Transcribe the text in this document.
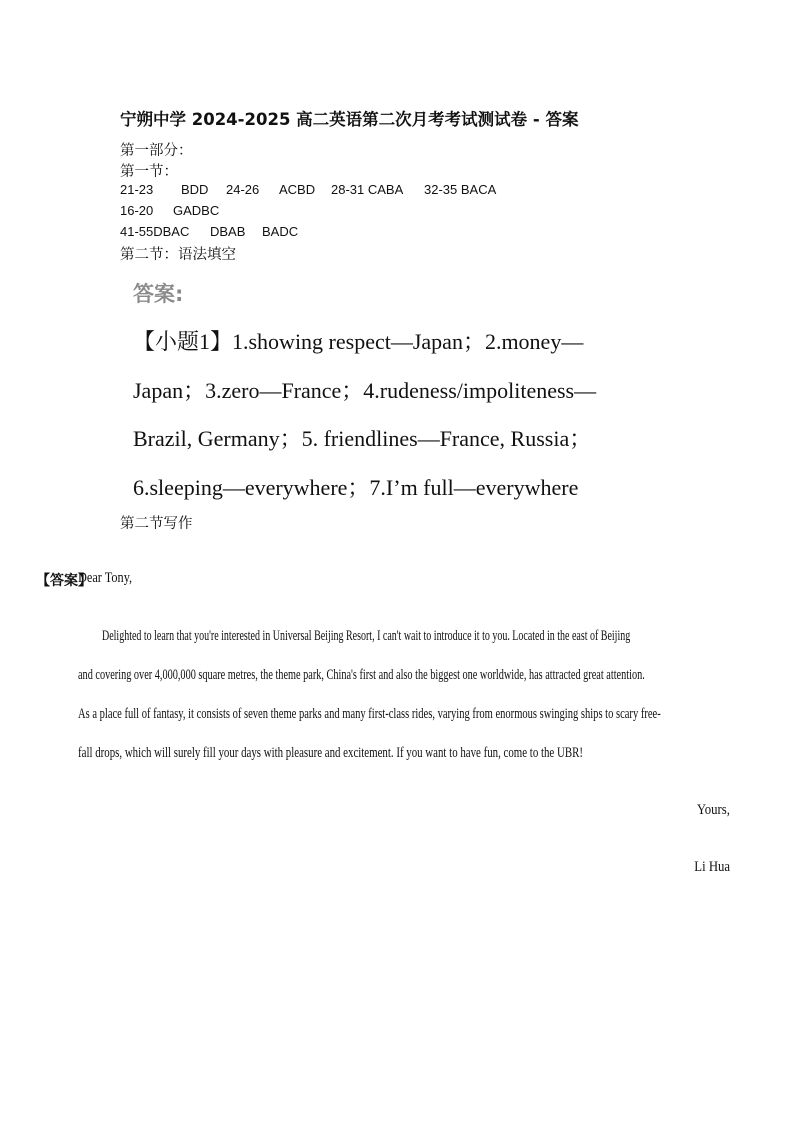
宁朔中学 2024-2025 高二英语第二次月考考试测试卷 - 答案
第一部分：
第一节：
21-23 BDD 24-26 ACBD 28-31 CABA 32-35 BACA
16-20 GADBC
41-55DBAC DBAB BADC
第二节：语法填空
答案:
【小题1】1.showing respect—Japan；2.money—
Japan；3.zero—France；4.rudeness/impoliteness—
Brazil, Germany；5. friendlines—France, Russia；
6.sleeping—everywhere；7.I’m full—everywhere
第二节写作
【答案】
Dear Tony,
Delighted to learn that you're interested in Universal Beijing Resort, I can't wait to introduce it to you. Located in the east of Beijing
and covering over 4,000,000 square metres, the theme park, China's first and also the biggest one worldwide, has attracted great attention.
As a place full of fantasy, it consists of seven theme parks and many first-class rides, varying from enormous swinging ships to scary free-
fall drops, which will surely fill your days with pleasure and excitement. If you want to have fun, come to the UBR!
Yours,
Li Hua
